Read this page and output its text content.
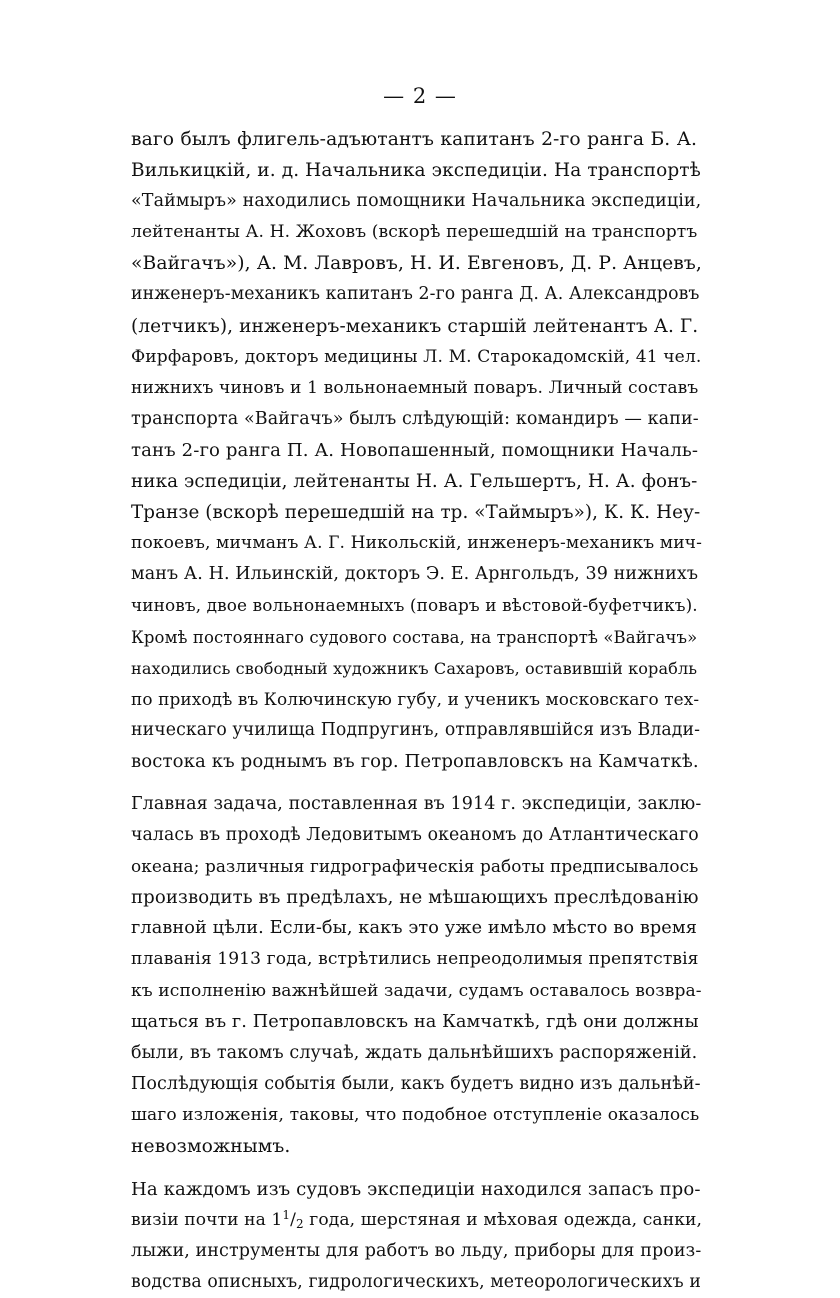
— 2 —
ваго былъ флигель-адъютантъ капитанъ 2-го ранга Б. А.
Вилькицкій, и. д. Начальника экспедиціи. На транспортѣ
«Таймыръ» находились помощники Начальника экспедиціи,
лейтенанты А. Н. Жоховъ (вскорѣ перешедшій на транспортъ
«Вайгачъ»), А. М. Лавровъ, Н. И. Евгеновъ, Д. Р. Анцевъ,
инженеръ-механикъ капитанъ 2-го ранга Д. А. Александровъ
(летчикъ), инженеръ-механикъ старшій лейтенантъ А. Г.
Фирфаровъ, докторъ медицины Л. М. Старокадомскій, 41 чел.
нижнихъ чиновъ и 1 вольнонаемный поваръ. Личный составъ
транспорта «Вайгачъ» былъ слѣдующій: командиръ — капи-
танъ 2-го ранга П. А. Новопашенный, помощники Началь-
ника эспедиціи, лейтенанты Н. А. Гельшертъ, Н. А. фонъ-
Транзе (вскорѣ перешедшій на тр. «Таймыръ»), К. К. Неу-
покоевъ, мичманъ А. Г. Никольскій, инженеръ-механикъ мич-
манъ А. Н. Ильинскій, докторъ Э. Е. Арнгольдъ, 39 нижнихъ
чиновъ, двое вольнонаемныхъ (поваръ и вѣстовой-буфетчикъ).
Кромѣ постояннаго судового состава, на транспортѣ «Вайгачъ»
находились свободный художникъ Сахаровъ, оставившій корабль
по приходѣ въ Колючинскую губу, и ученикъ московскаго тех-
ническаго училища Подпругинъ, отправлявшійся изъ Влади-
востока къ роднымъ въ гор. Петропавловскъ на Камчаткѣ.
Главная задача, поставленная въ 1914 г. экспедиціи, заклю-
чалась въ проходѣ Ледовитымъ океаномъ до Атлантическаго
океана; различныя гидрографическія работы предписывалось
производить въ предѣлахъ, не мѣшающихъ преслѣдованію
главной цѣли. Если-бы, какъ это уже имѣло мѣсто во время
плаванія 1913 года, встрѣтились непреодолимыя препятствія
къ исполненію важнѣйшей задачи, судамъ оставалось возвра-
щаться въ г. Петропавловскъ на Камчаткѣ, гдѣ они должны
были, въ такомъ случаѣ, ждать дальнѣйшихъ распоряженій.
Послѣдующія событія были, какъ будетъ видно изъ дальнѣй-
шаго изложенія, таковы, что подобное отступленіе оказалось
невозможнымъ.
На каждомъ изъ судовъ экспедиціи находился запасъ про-
визіи почти на $1^1/_2$ года, шерстяная и мѣховая одежда, санки,
лыжи, инструменты для работъ во льду, приборы для произ-
водства описныхъ, гидрологическихъ, метеорологическихъ и
